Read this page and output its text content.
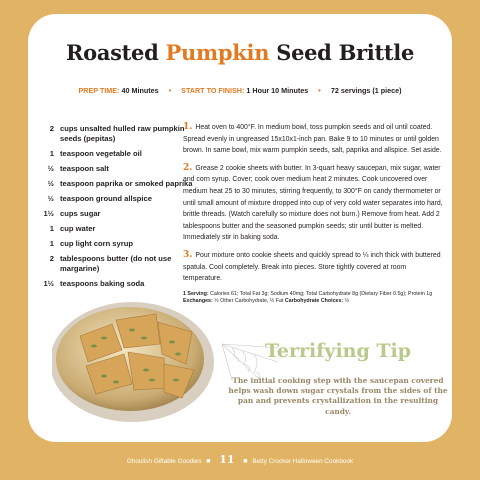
Roasted Pumpkin Seed Brittle
PREP TIME: 40 Minutes • START TO FINISH: 1 Hour 10 Minutes • 72 servings (1 piece)
2 cups unsalted hulled raw pumpkin seeds (pepitas)
1 teaspoon vegetable oil
½ teaspoon salt
½ teaspoon paprika or smoked paprika
½ teaspoon ground allspice
1½ cups sugar
1 cup water
1 cup light corn syrup
2 tablespoons butter (do not use margarine)
1½ teaspoons baking soda

1. Heat oven to 400°F. In medium bowl, toss pumpkin seeds and oil until coated. Spread evenly in ungreased 15x10x1-inch pan. Bake 9 to 10 minutes or until golden brown. In same bowl, mix warm pumpkin seeds, salt, paprika and allspice. Set aside.

2. Grease 2 cookie sheets with butter. In 3-quart heavy saucepan, mix sugar, water and corn syrup. Cover; cook over medium heat 2 minutes. Cook uncovered over medium heat 25 to 30 minutes, stirring frequently, to 300°F on candy thermometer or until small amount of mixture dropped into cup of very cold water separates into hard, brittle threads. (Watch carefully so mixture does not burn.) Remove from heat. Add 2 tablespoons butter and the seasoned pumpkin seeds; stir until butter is melted. Immediately stir in baking soda.

3. Pour mixture onto cookie sheets and quickly spread to ¼ inch thick with buttered spatula. Cool completely. Break into pieces. Store tightly covered at room temperature.

1 Serving: Calories 61; Total Fat 3g; Sodium 40mg; Total Carbohydrate 8g (Dietary Fiber 0.5g); Protein 1g Exchanges: ½ Other Carbohydrate, ½ Fat Carbohydrate Choices: ½
Terrifying Tip
The initial cooking step with the saucepan covered helps wash down sugar crystals from the sides of the pan and prevents crystallization in the resulting candy.
Ghoulish Giftable Goodies ■ 11 ■ Betty Crocker Halloween Cookbook
